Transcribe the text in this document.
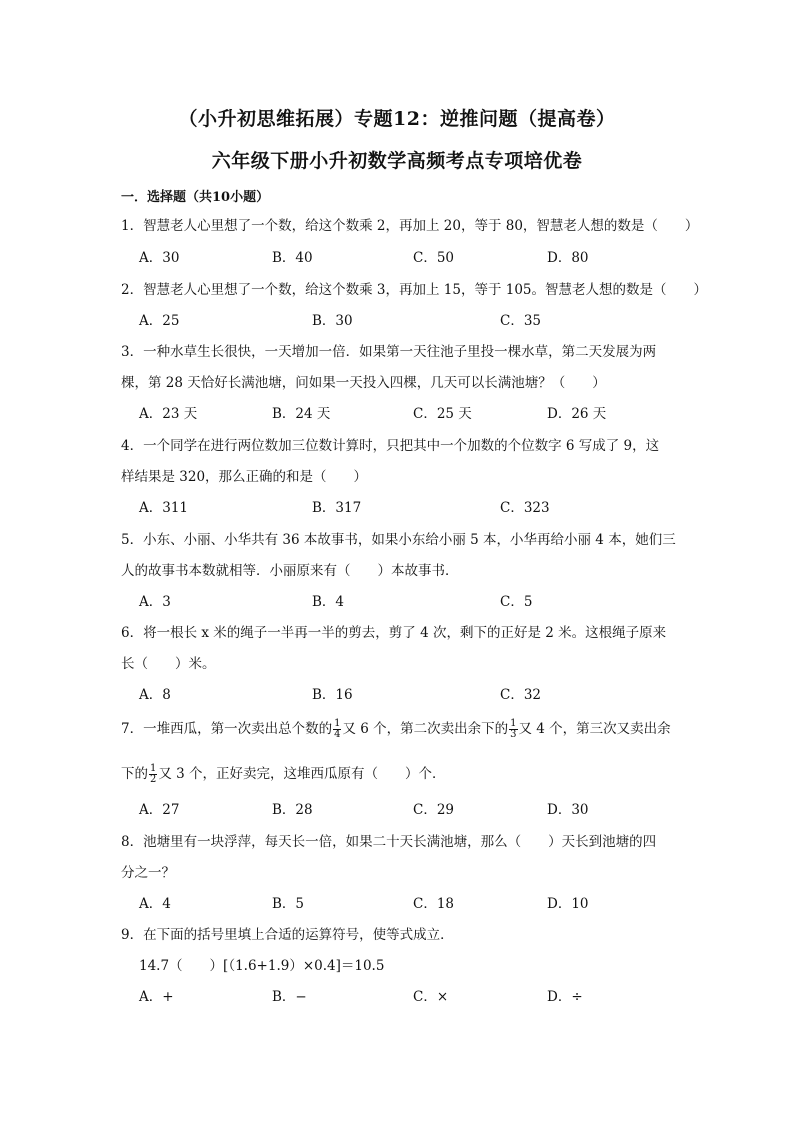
（小升初思维拓展）专题12：逆推问题（提高卷）
六年级下册小升初数学高频考点专项培优卷
一．选择题（共10小题）
1．智慧老人心里想了一个数，给这个数乘 2，再加上 20，等于 80，智慧老人想的数是（　　）
A．30	B．40	C．50	D．80
2．智慧老人心里想了一个数，给这个数乘 3，再加上 15，等于 105。智慧老人想的数是（　　）
A．25	B．30	C．35
3．一种水草生长很快，一天增加一倍．如果第一天往池子里投一棵水草，第二天发展为两
棵，第 28 天恰好长满池塘，问如果一天投入四棵，几天可以长满池塘？（　　）
A．23 天	B．24 天	C．25 天	D．26 天
4．一个同学在进行两位数加三位数计算时，只把其中一个加数的个位数字 6 写成了 9，这
样结果是 320，那么正确的和是（　　）
A．311	B．317	C．323
5．小东、小丽、小华共有 36 本故事书，如果小东给小丽 5 本，小华再给小丽 4 本，她们三
人的故事书本数就相等．小丽原来有（　　）本故事书．
A．3	B．4	C．5
6．将一根长 x 米的绳子一半再一半的剪去，剪了 4 次，剩下的正好是 2 米。这根绳子原来
长（　　）米。
A．8	B．16	C．32
7．一堆西瓜，第一次卖出总个数的 $\frac{1}{4}$ 又 6 个，第二次卖出余下的 $\frac{1}{3}$ 又 4 个，第三次又卖出余
下的 $\frac{1}{2}$ 又 3 个，正好卖完，这堆西瓜原有（　　）个．
A．27	B．28	C．29	D．30
8．池塘里有一块浮萍，每天长一倍，如果二十天长满池塘，那么（　　）天长到池塘的四
分之一？
A．4	B．5	C．18	D．10
9．在下面的括号里填上合适的运算符号，使等式成立．
14.7（　　）[（1.6+1.9）×0.4]＝10.5
A．+	B．−	C．×	D．÷
